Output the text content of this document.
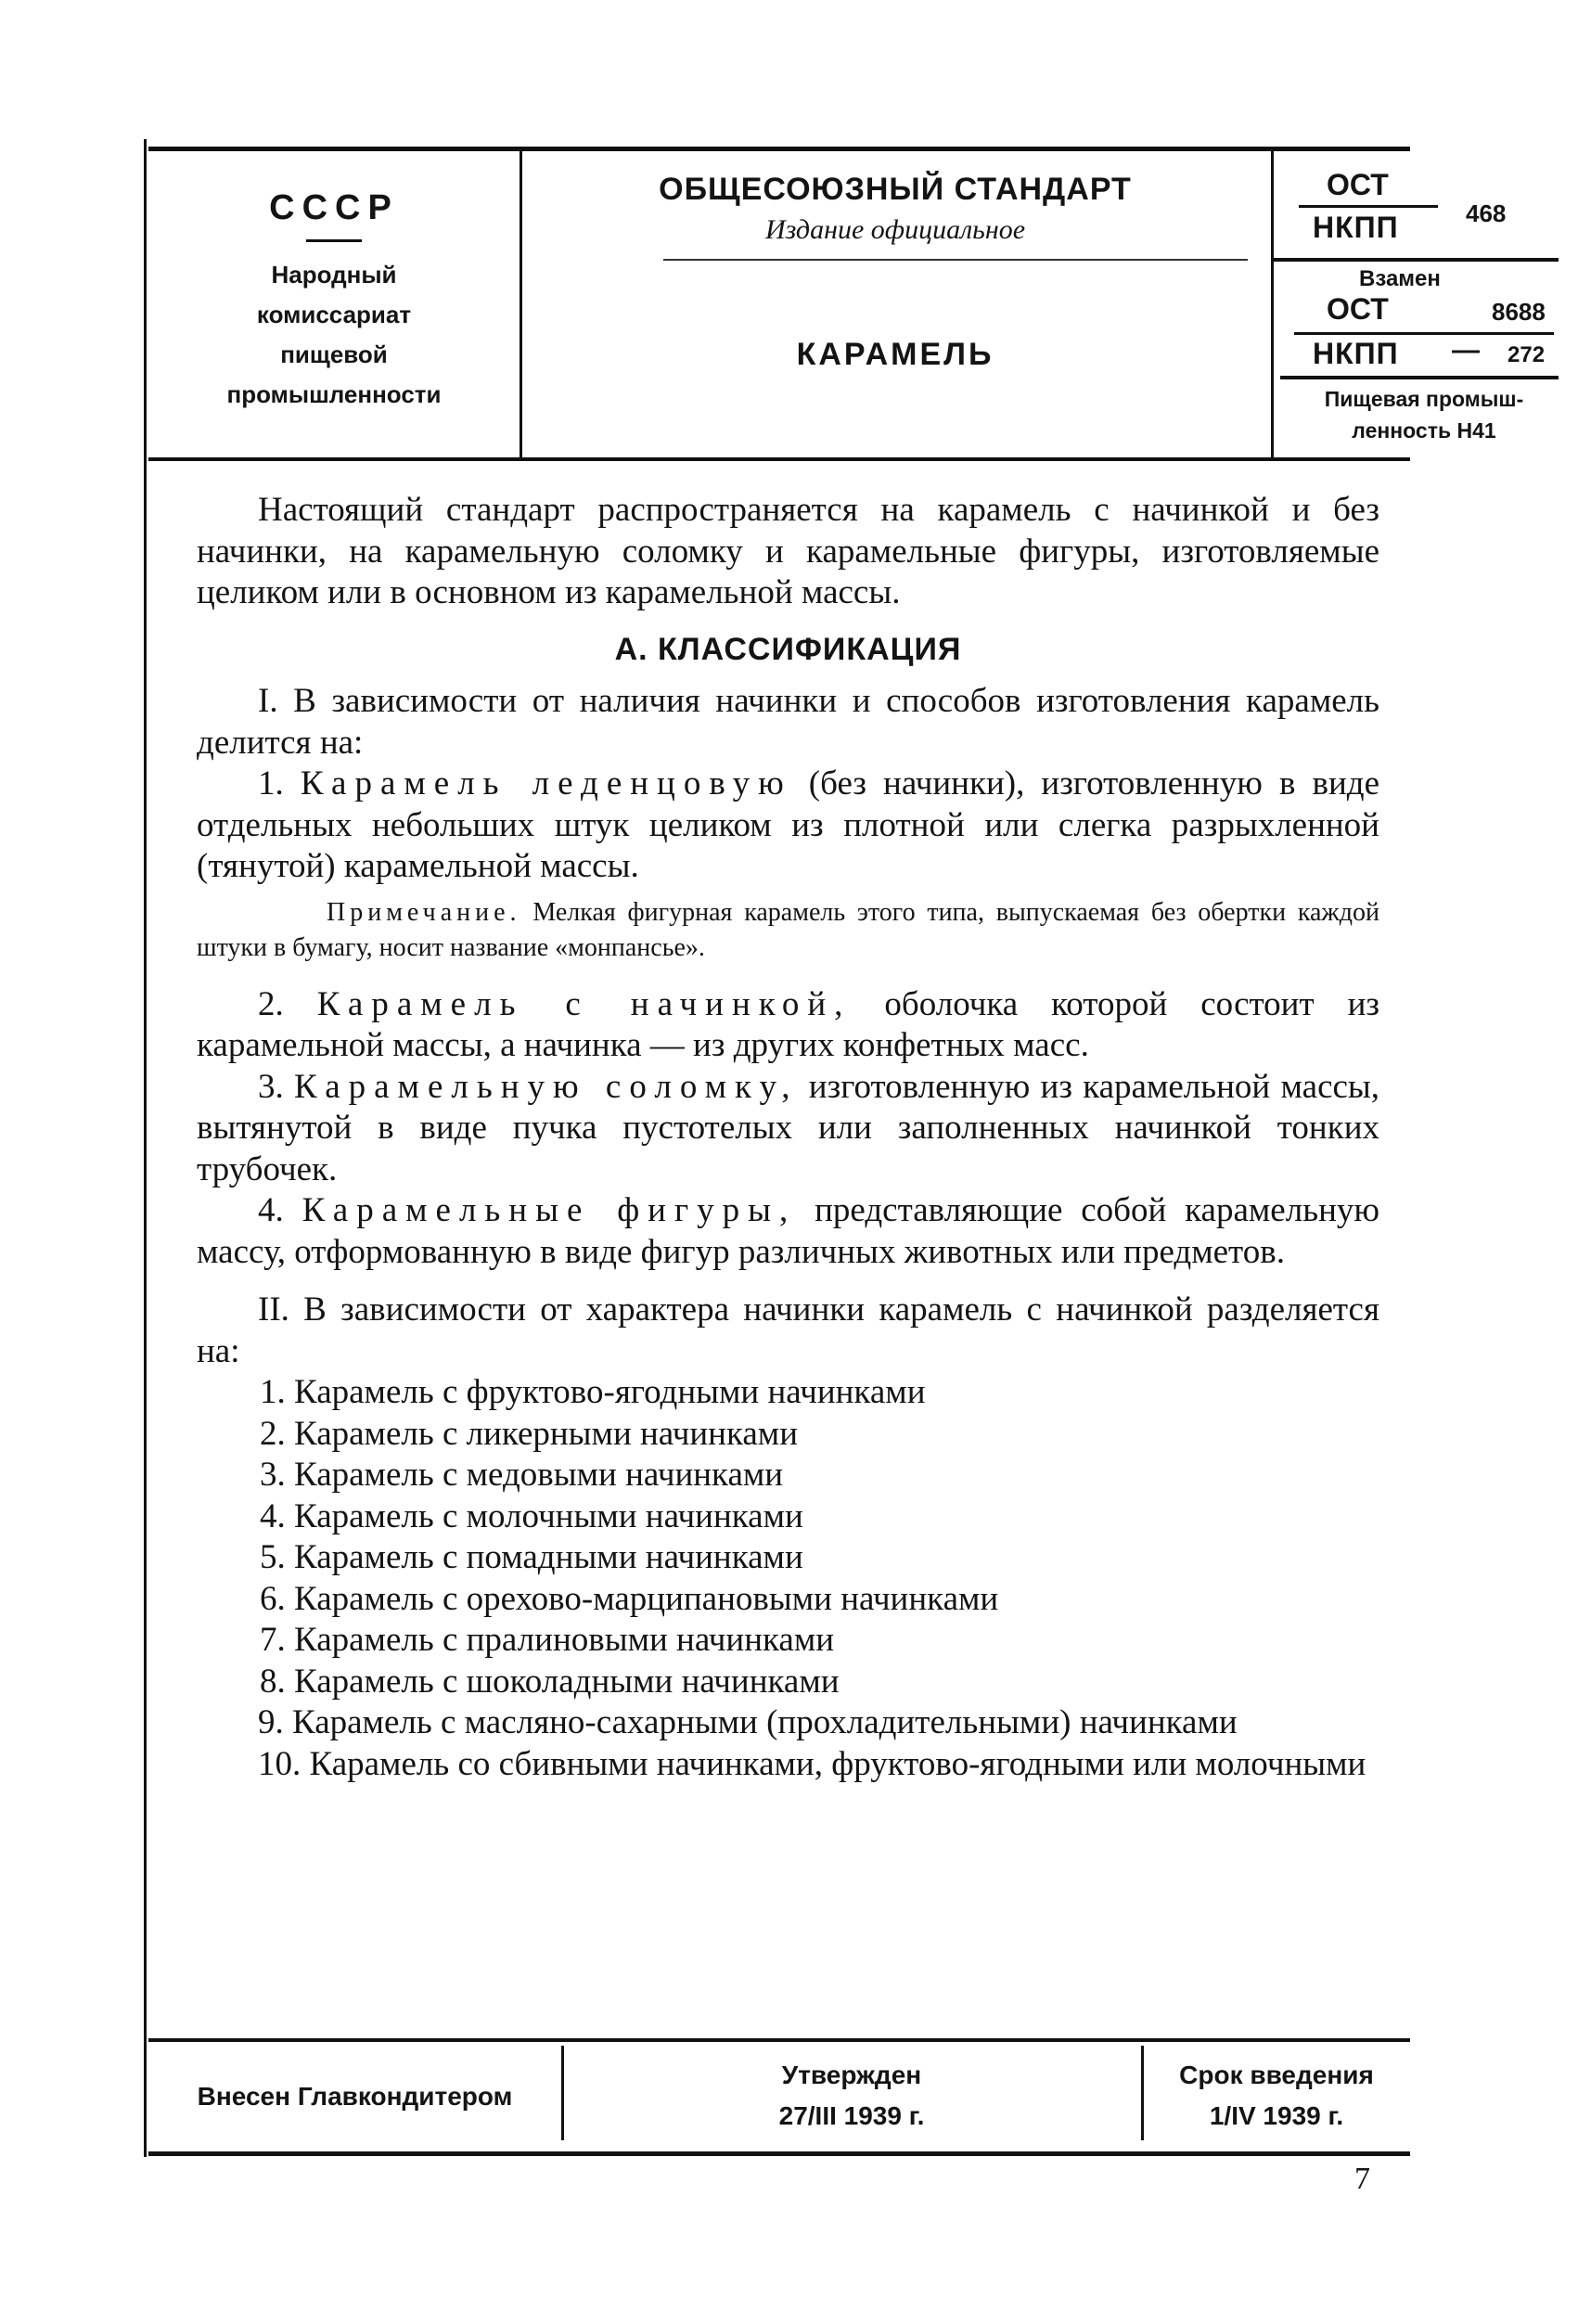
СССР
Народный
комиссариат
пищевой
промышленности
ОБЩЕСОЮЗНЫЙ СТАНДАРТ
Издание официальное
КАРАМЕЛЬ
ОСТ
НКПП	468
Взамен
ОСТ	8688
НКПП — 272
Пищевая промыш-
ленность Н41

Настоящий стандарт распространяется на карамель с начинкой и без начинки, на карамельную соломку и карамельные фигуры, изготовляемые целиком или в основном из карамельной массы.

А. КЛАССИФИКАЦИЯ

I. В зависимости от наличия начинки и способов изготовления карамель делится на:

1. Карамель леденцовую (без начинки), изготовленную в виде отдельных небольших штук целиком из плотной или слегка разрыхленной (тянутой) карамельной массы.

Примечание. Мелкая фигурная карамель этого типа, выпускаемая без обертки каждой штуки в бумагу, носит название «монпансье».

2. Карамель с начинкой, оболочка которой состоит из карамельной массы, а начинка — из других конфетных масс.

3. Карамельную соломку, изготовленную из карамельной массы, вытянутой в виде пучка пустотелых или заполненных начинкой тонких трубочек.

4. Карамельные фигуры, представляющие собой карамельную массу, отформованную в виде фигур различных животных или предметов.

II. В зависимости от характера начинки карамель с начинкой разделяется на:

1. Карамель с фруктово-ягодными начинками

2. Карамель с ликерными начинками

3. Карамель с медовыми начинками

4. Карамель с молочными начинками

5. Карамель с помадными начинками

6. Карамель с орехово-марципановыми начинками

7. Карамель с пралиновыми начинками

8. Карамель с шоколадными начинками

9. Карамель с масляно-сахарными (прохладительными) начинками

10. Карамель со сбивными начинками, фруктово-ягодными или молочными

Внесен Главкондитером
Утвержден
27/III 1939 г.
Срок введения
1/IV 1939 г.
7
